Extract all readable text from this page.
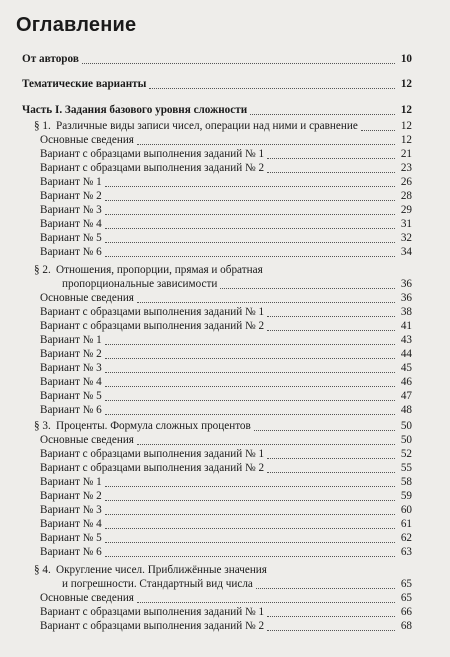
Оглавление
От авторов	10
Тематические варианты	12
Часть I. Задания базового уровня сложности	12
§ 1. Различные виды записи чисел, операции над ними и сравнение	12
Основные сведения	12
Вариант с образцами выполнения заданий № 1	21
Вариант с образцами выполнения заданий № 2	23
Вариант № 1	26
Вариант № 2	28
Вариант № 3	29
Вариант № 4	31
Вариант № 5	32
Вариант № 6	34
§ 2. Отношения, пропорции, прямая и обратная
пропорциональные зависимости	36
Основные сведения	36
Вариант с образцами выполнения заданий № 1	38
Вариант с образцами выполнения заданий № 2	41
Вариант № 1	43
Вариант № 2	44
Вариант № 3	45
Вариант № 4	46
Вариант № 5	47
Вариант № 6	48
§ 3. Проценты. Формула сложных процентов	50
Основные сведения	50
Вариант с образцами выполнения заданий № 1	52
Вариант с образцами выполнения заданий № 2	55
Вариант № 1	58
Вариант № 2	59
Вариант № 3	60
Вариант № 4	61
Вариант № 5	62
Вариант № 6	63
§ 4. Округление чисел. Приближённые значения
и погрешности. Стандартный вид числа	65
Основные сведения	65
Вариант с образцами выполнения заданий № 1	66
Вариант с образцами выполнения заданий № 2	68
